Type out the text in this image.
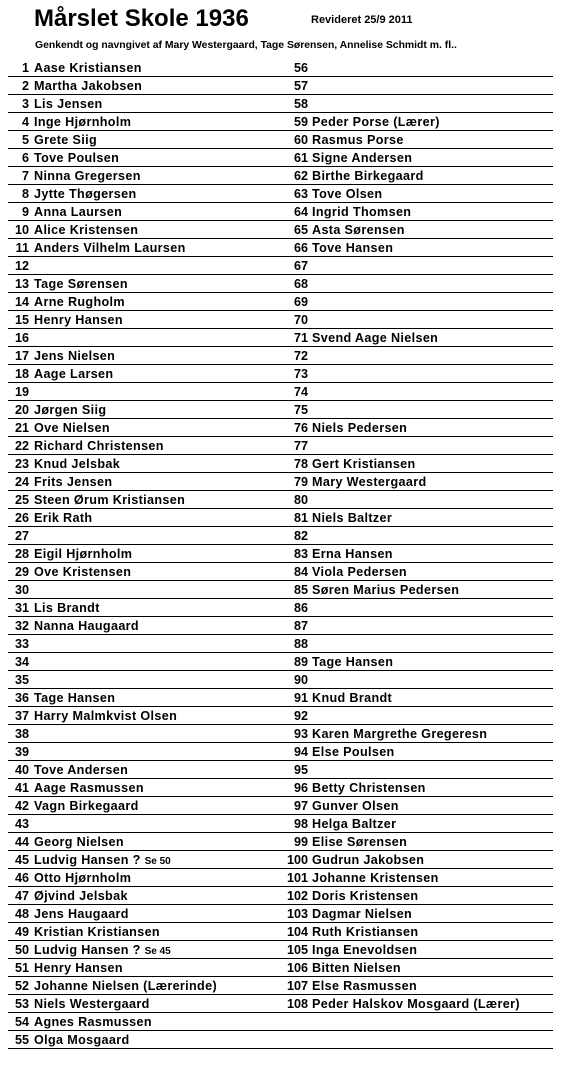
Mårslet Skole 1936	Revideret 25/9 2011
Genkendt og navngivet af Mary Westergaard, Tage Sørensen, Annelise Schmidt m. fl..
1 Aase Kristiansen	56
2 Martha Jakobsen	57
3 Lis Jensen	58
4 Inge Hjørnholm	59 Peder Porse (Lærer)
5 Grete Siig	60 Rasmus Porse
6 Tove Poulsen	61 Signe Andersen
7 Ninna Gregersen	62 Birthe Birkegaard
8 Jytte Thøgersen	63 Tove Olsen
9 Anna Laursen	64 Ingrid Thomsen
10 Alice Kristensen	65 Asta Sørensen
11 Anders Vilhelm Laursen	66 Tove Hansen
12	67
13 Tage Sørensen	68
14 Arne Rugholm	69
15 Henry Hansen	70
16	71 Svend Aage Nielsen
17 Jens Nielsen	72
18 Aage Larsen	73
19	74
20 Jørgen Siig	75
21 Ove Nielsen	76 Niels Pedersen
22 Richard Christensen	77
23 Knud Jelsbak	78 Gert Kristiansen
24 Frits Jensen	79 Mary Westergaard
25 Steen Ørum Kristiansen	80
26 Erik Rath	81 Niels Baltzer
27	82
28 Eigil Hjørnholm	83 Erna Hansen
29 Ove Kristensen	84 Viola Pedersen
30	85 Søren Marius Pedersen
31 Lis Brandt	86
32 Nanna Haugaard	87
33	88
34	89 Tage Hansen
35	90
36 Tage Hansen	91 Knud Brandt
37 Harry Malmkvist Olsen	92
38	93 Karen Margrethe Gregeresn
39	94 Else Poulsen
40 Tove Andersen	95
41 Aage Rasmussen	96 Betty Christensen
42 Vagn Birkegaard	97 Gunver Olsen
43	98 Helga Baltzer
44 Georg Nielsen	99 Elise Sørensen
45 Ludvig Hansen ? Se 50	100 Gudrun Jakobsen
46 Otto Hjørnholm	101 Johanne Kristensen
47 Øjvind Jelsbak	102 Doris Kristensen
48 Jens Haugaard	103 Dagmar Nielsen
49 Kristian Kristiansen	104 Ruth Kristiansen
50 Ludvig Hansen ? Se 45	105 Inga Enevoldsen
51 Henry Hansen	106 Bitten Nielsen
52 Johanne Nielsen (Lærerinde)	107 Else Rasmussen
53 Niels Westergaard	108 Peder Halskov Mosgaard (Lærer)
54 Agnes Rasmussen
55 Olga Mosgaard
